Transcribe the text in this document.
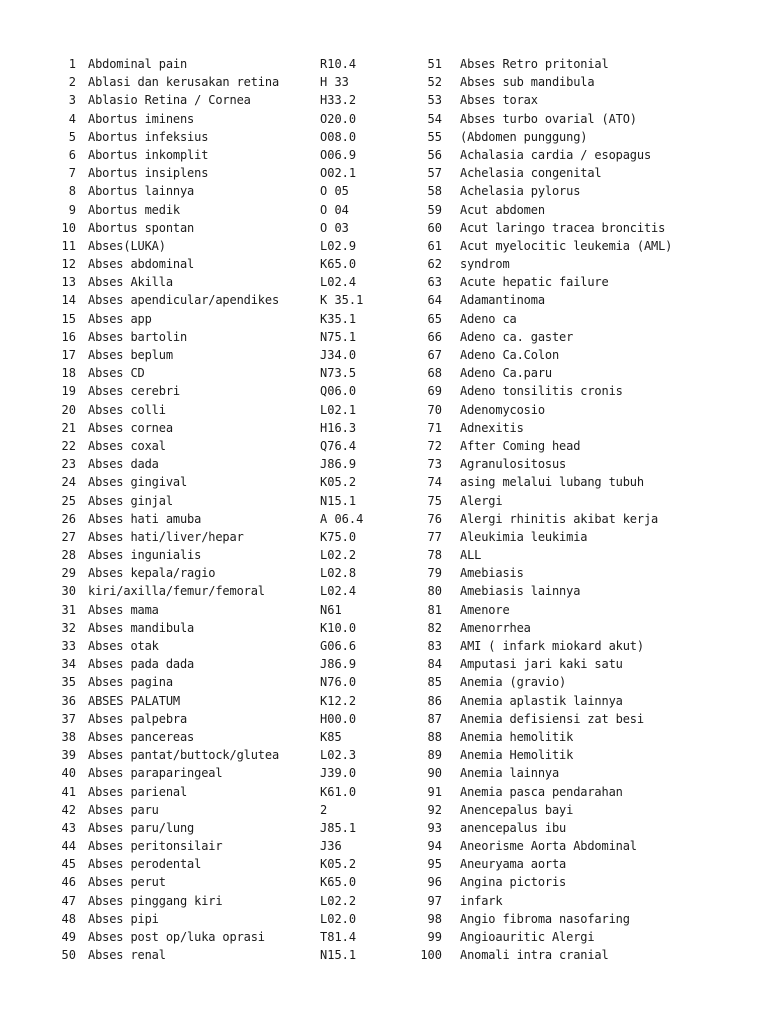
1 Abdominal pain	R10.4
2 Ablasi dan kerusakan retina	H 33
3 Ablasio Retina / Cornea	H33.2
4 Abortus iminens	O20.0
5 Abortus infeksius	O08.0
6 Abortus inkomplit	O06.9
7 Abortus insiplens	O02.1
8 Abortus lainnya	O 05
9 Abortus medik	O 04
10 Abortus spontan	O 03
11 Abses(LUKA)	L02.9
12 Abses abdominal	K65.0
13 Abses Akilla	L02.4
14 Abses apendicular/apendikes	K 35.1
15 Abses app	K35.1
16 Abses bartolin	N75.1
17 Abses beplum	J34.0
18 Abses CD	N73.5
19 Abses cerebri	Q06.0
20 Abses colli	L02.1
21 Abses cornea	H16.3
22 Abses coxal	Q76.4
23 Abses dada	J86.9
24 Abses gingival	K05.2
25 Abses ginjal	N15.1
26 Abses hati amuba	A 06.4
27 Abses hati/liver/hepar	K75.0
28 Abses ingunialis	L02.2
29 Abses kepala/ragio	L02.8
30 kiri/axilla/femur/femoral	L02.4
31 Abses mama	N61
32 Abses mandibula	K10.0
33 Abses otak	G06.6
34 Abses pada dada	J86.9
35 Abses pagina	N76.0
36 ABSES PALATUM	K12.2
37 Abses palpebra	H00.0
38 Abses pancereas	K85
39 Abses pantat/buttock/glutea	L02.3
40 Abses paraparingeal	J39.0
41 Abses parienal	K61.0
42 Abses paru	2
43 Abses paru/lung	J85.1
44 Abses peritonsilair	J36
45 Abses perodental	K05.2
46 Abses perut	K65.0
47 Abses pinggang kiri	L02.2
48 Abses pipi	L02.0
49 Abses post op/luka oprasi	T81.4
50 Abses renal	N15.1
51 Abses Retro pritonial
52 Abses sub mandibula
53 Abses torax
54 Abses turbo ovarial (ATO)
55 (Abdomen punggung)
56 Achalasia cardia / esopagus
57 Achelasia congenital
58 Achelasia pylorus
59 Acut abdomen
60 Acut laringo tracea broncitis
61 Acut myelocitic leukemia (AML)
62 syndrom
63 Acute hepatic failure
64 Adamantinoma
65 Adeno ca
66 Adeno ca. gaster
67 Adeno Ca.Colon
68 Adeno Ca.paru
69 Adeno tonsilitis cronis
70 Adenomycosio
71 Adnexitis
72 After Coming head
73 Agranulositosus
74 asing melalui lubang tubuh
75 Alergi
76 Alergi rhinitis akibat kerja
77 Aleukimia leukimia
78 ALL
79 Amebiasis
80 Amebiasis lainnya
81 Amenore
82 Amenorrhea
83 AMI ( infark miokard akut)
84 Amputasi jari kaki satu
85 Anemia (gravio)
86 Anemia aplastik lainnya
87 Anemia defisiensi zat besi
88 Anemia hemolitik
89 Anemia Hemolitik
90 Anemia lainnya
91 Anemia pasca pendarahan
92 Anencepalus bayi
93 anencepalus ibu
94 Aneorisme Aorta Abdominal
95 Aneuryama aorta
96 Angina pictoris
97 infark
98 Angio fibroma nasofaring
99 Angioauritic Alergi
100 Anomali intra cranial
